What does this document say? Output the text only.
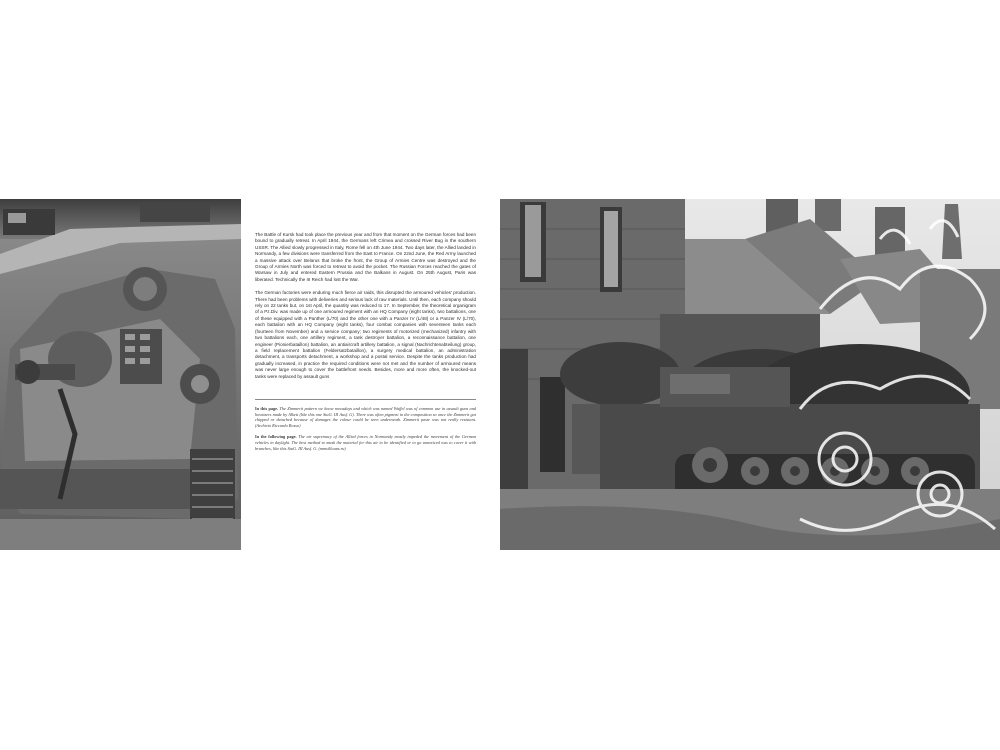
The Battle of Kursk had took place the previous year and from that moment on the German forces had been bound to gradually retreat. In April 1944, the Germans left Crimea and crossed River Bug in the southern USSR. The Allied slowly progressed in Italy, Rome fell on 4th June 1944. Two days later, the Allied landed in Normandy, a few divisions were transferred from the East to France. On 22nd June, the Red Army launched a massive attack over Belarus that broke the front, the Group of Armies Centre was destroyed and the Group of Armies North was forced to retreat to avoid the pocket. The Russian Forces reached the gates of Warsaw in July and entered Eastern Prussia and the Balkans in August. On 25th August, Paris was liberated. Technically the III Reich had lost the War.

The German factories were enduring much fierce air raids, this disrupted the armoured vehicles' production. There had been problems with deliveries and serious lack of raw materials. Until then, each company should rely on 22 tanks but, on 1st April, the quantity was reduced to 17. In September, the theoretical organigram of a Pz.Div. was made up of one armoured regiment with an HQ Company (eight tanks), two battalions, one of these equipped with a Panther (L/70) and the other one with a Panzer IV (L/48) or a Panzer IV (L/70), each battalion with an HQ Company (eight tanks), four combat companies with seventeen tanks each (fourteen from November) and a service company; two regiments of motorized (mechanized) infantry with two battalions each, one artillery regiment, a tank destroyer battalion, a reconnaissance battalion, one engineer (Pionierbataillon) battalion, an antiaircraft artillery battalion, a signal (Nachrichtenabteilung) group, a field replacement battalion (Feldersatzbataillon), a surgery medical battalion, an administration detachment, a transports detachment, a workshop and a postal service. Despite the tanks production had gradually increased, in practice the required conditions were not met and the number of armoured means was never large enough to cover the battlefront needs. Besides, more and more often, the knocked-out tanks were replaced by assault guns

In this page. The Zimmerit pattern we know nowadays and which was named Waffel was of common use in assault guns and howitzers made by Alkett (like this one StuG. III Ausf. G). There was often pigment in the composition so once the Zimmerit got chipped or detached because of damages the colour could be seen underneath. Zimmerit paste was not really resistant. (Archivio Riccardo Rosso)

In the following page. The air supremacy of the Allied forces in Normandy mostly impeded the movement of the German vehicles in daylight. The best method to mask the material for this air to be identified or to go unnoticed was to cover it with branches, like this StuG. III Ausf. G. (mmsillouns.ru)
